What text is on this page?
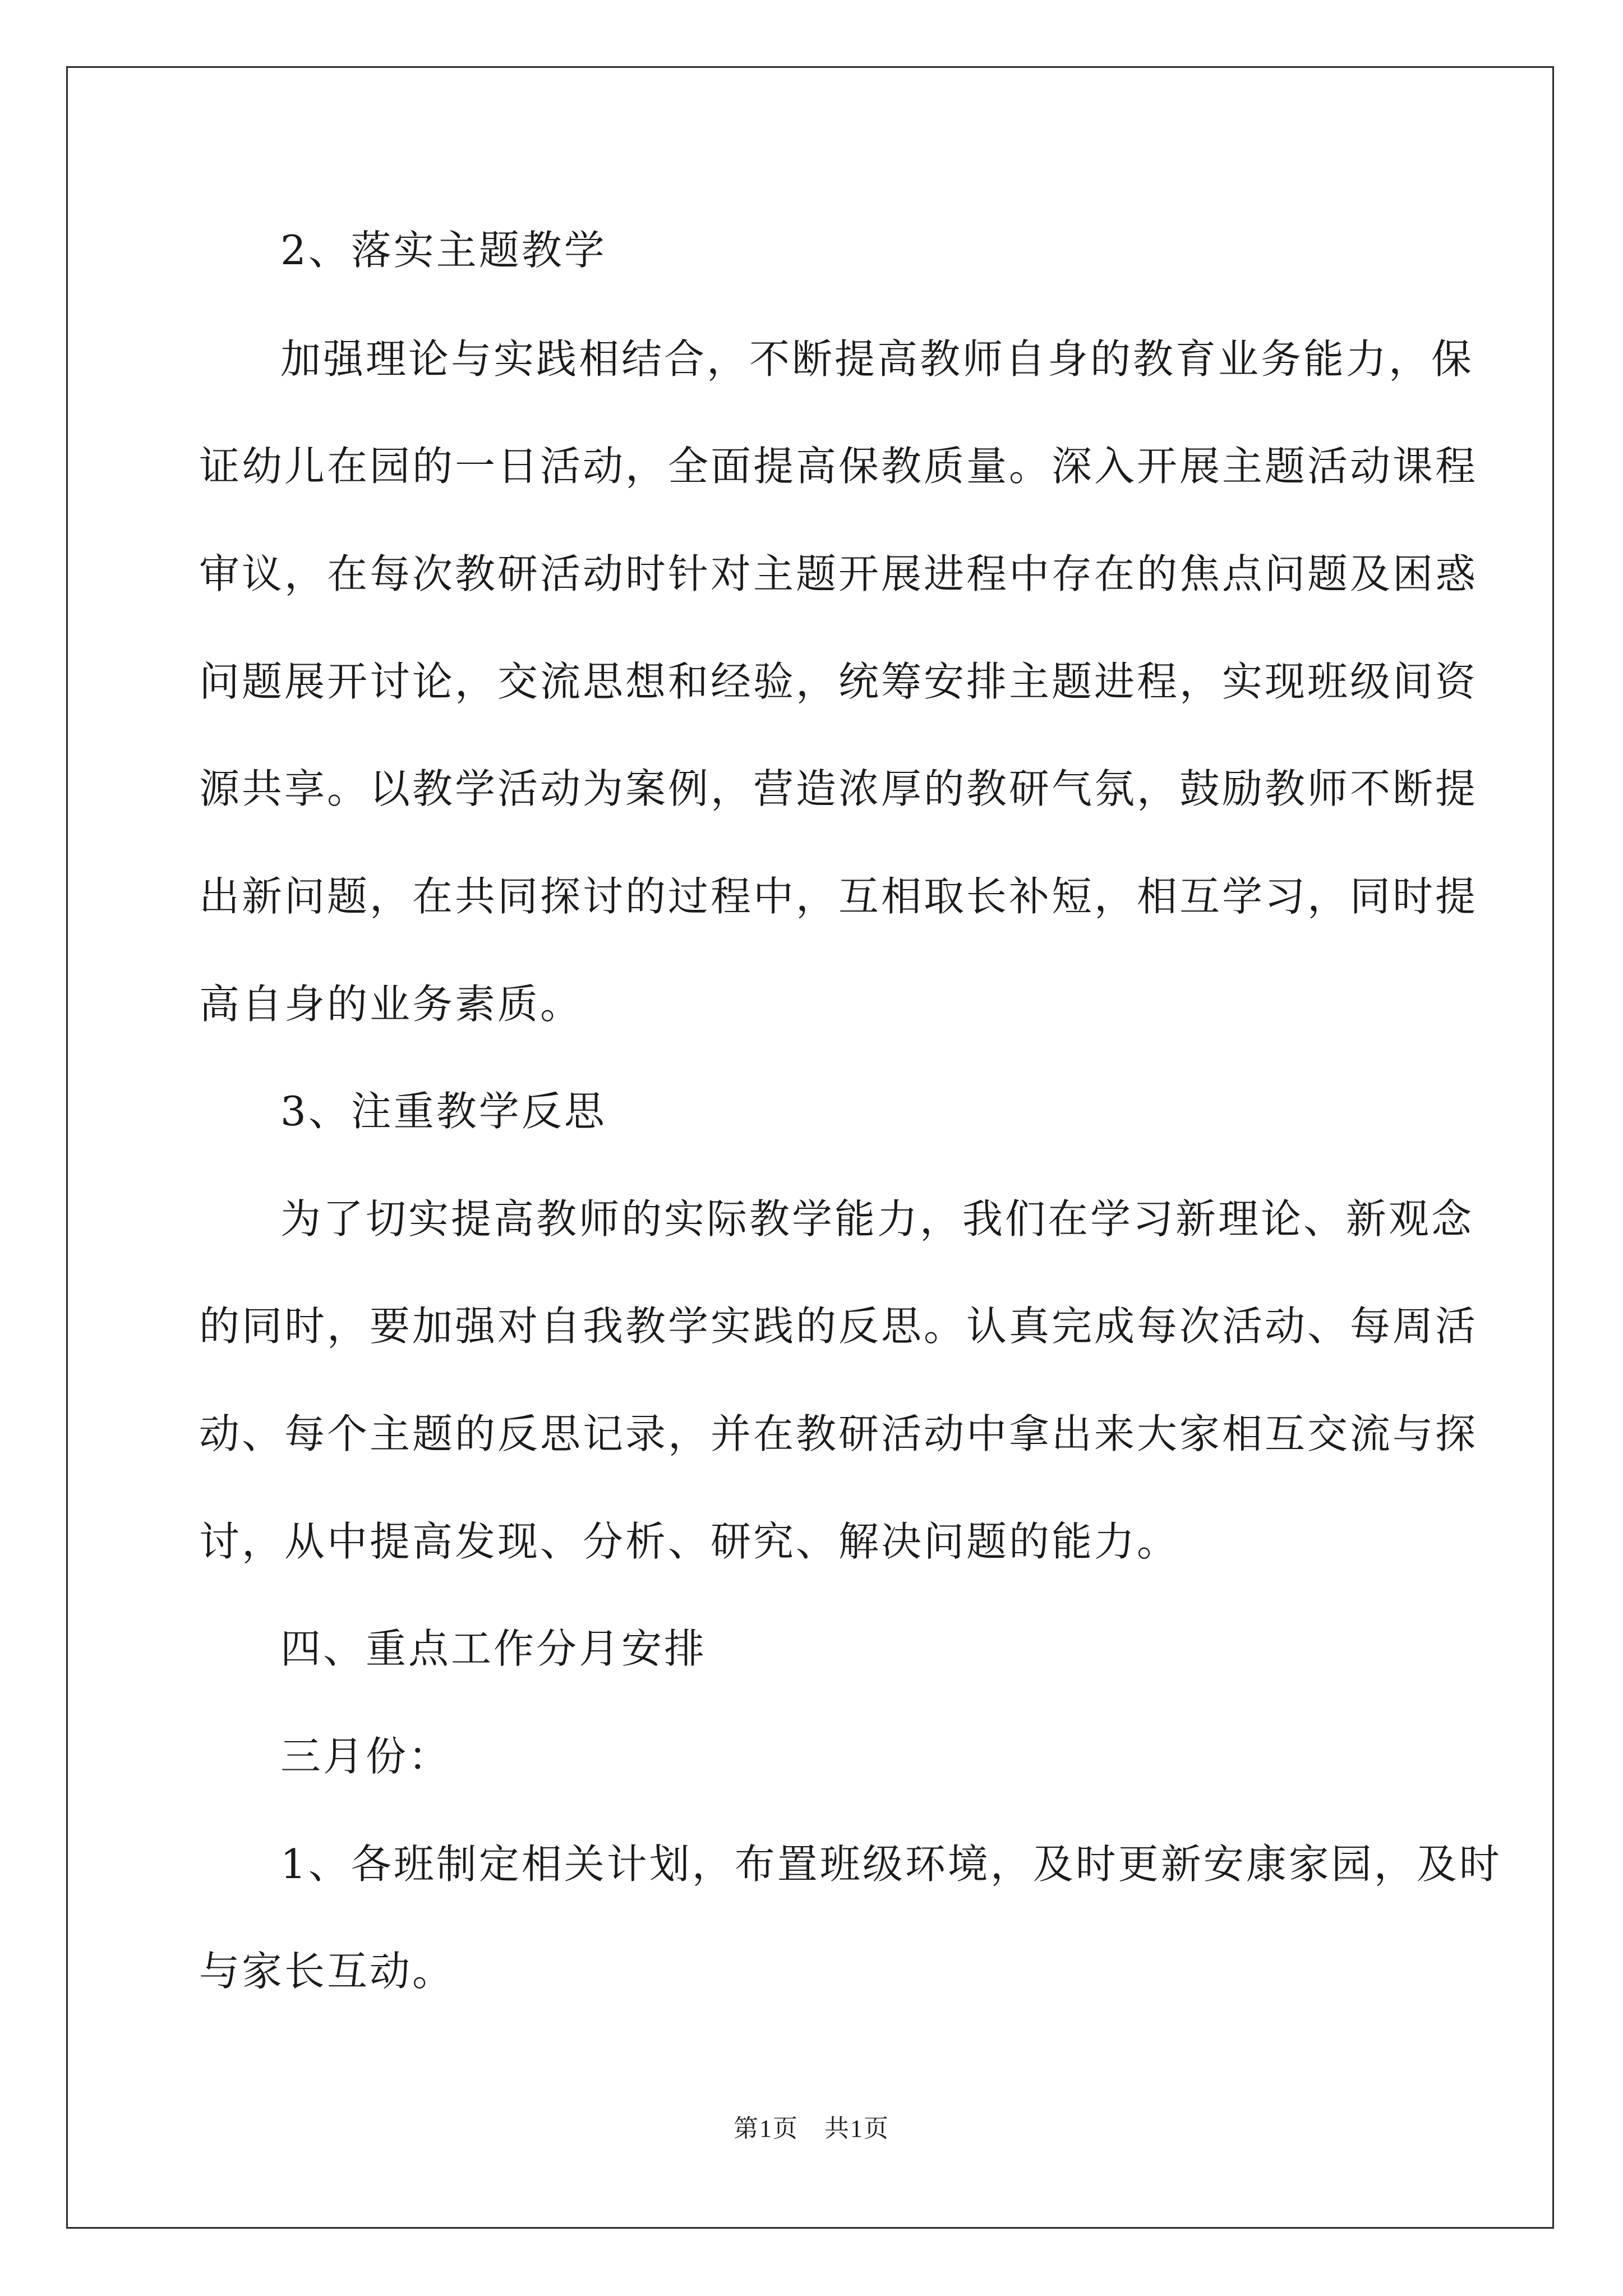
2、落实主题教学
加强理论与实践相结合，不断提高教师自身的教育业务能力，保
证幼儿在园的一日活动，全面提高保教质量。深入开展主题活动课程
审议，在每次教研活动时针对主题开展进程中存在的焦点问题及困惑
问题展开讨论，交流思想和经验，统筹安排主题进程，实现班级间资
源共享。以教学活动为案例，营造浓厚的教研气氛，鼓励教师不断提
出新问题，在共同探讨的过程中，互相取长补短，相互学习，同时提
高自身的业务素质。
3、注重教学反思
为了切实提高教师的实际教学能力，我们在学习新理论、新观念
的同时，要加强对自我教学实践的反思。认真完成每次活动、每周活
动、每个主题的反思记录，并在教研活动中拿出来大家相互交流与探
讨，从中提高发现、分析、研究、解决问题的能力。
四、重点工作分月安排
三月份：
1、各班制定相关计划，布置班级环境，及时更新安康家园，及时
与家长互动。
第1页　共1页
